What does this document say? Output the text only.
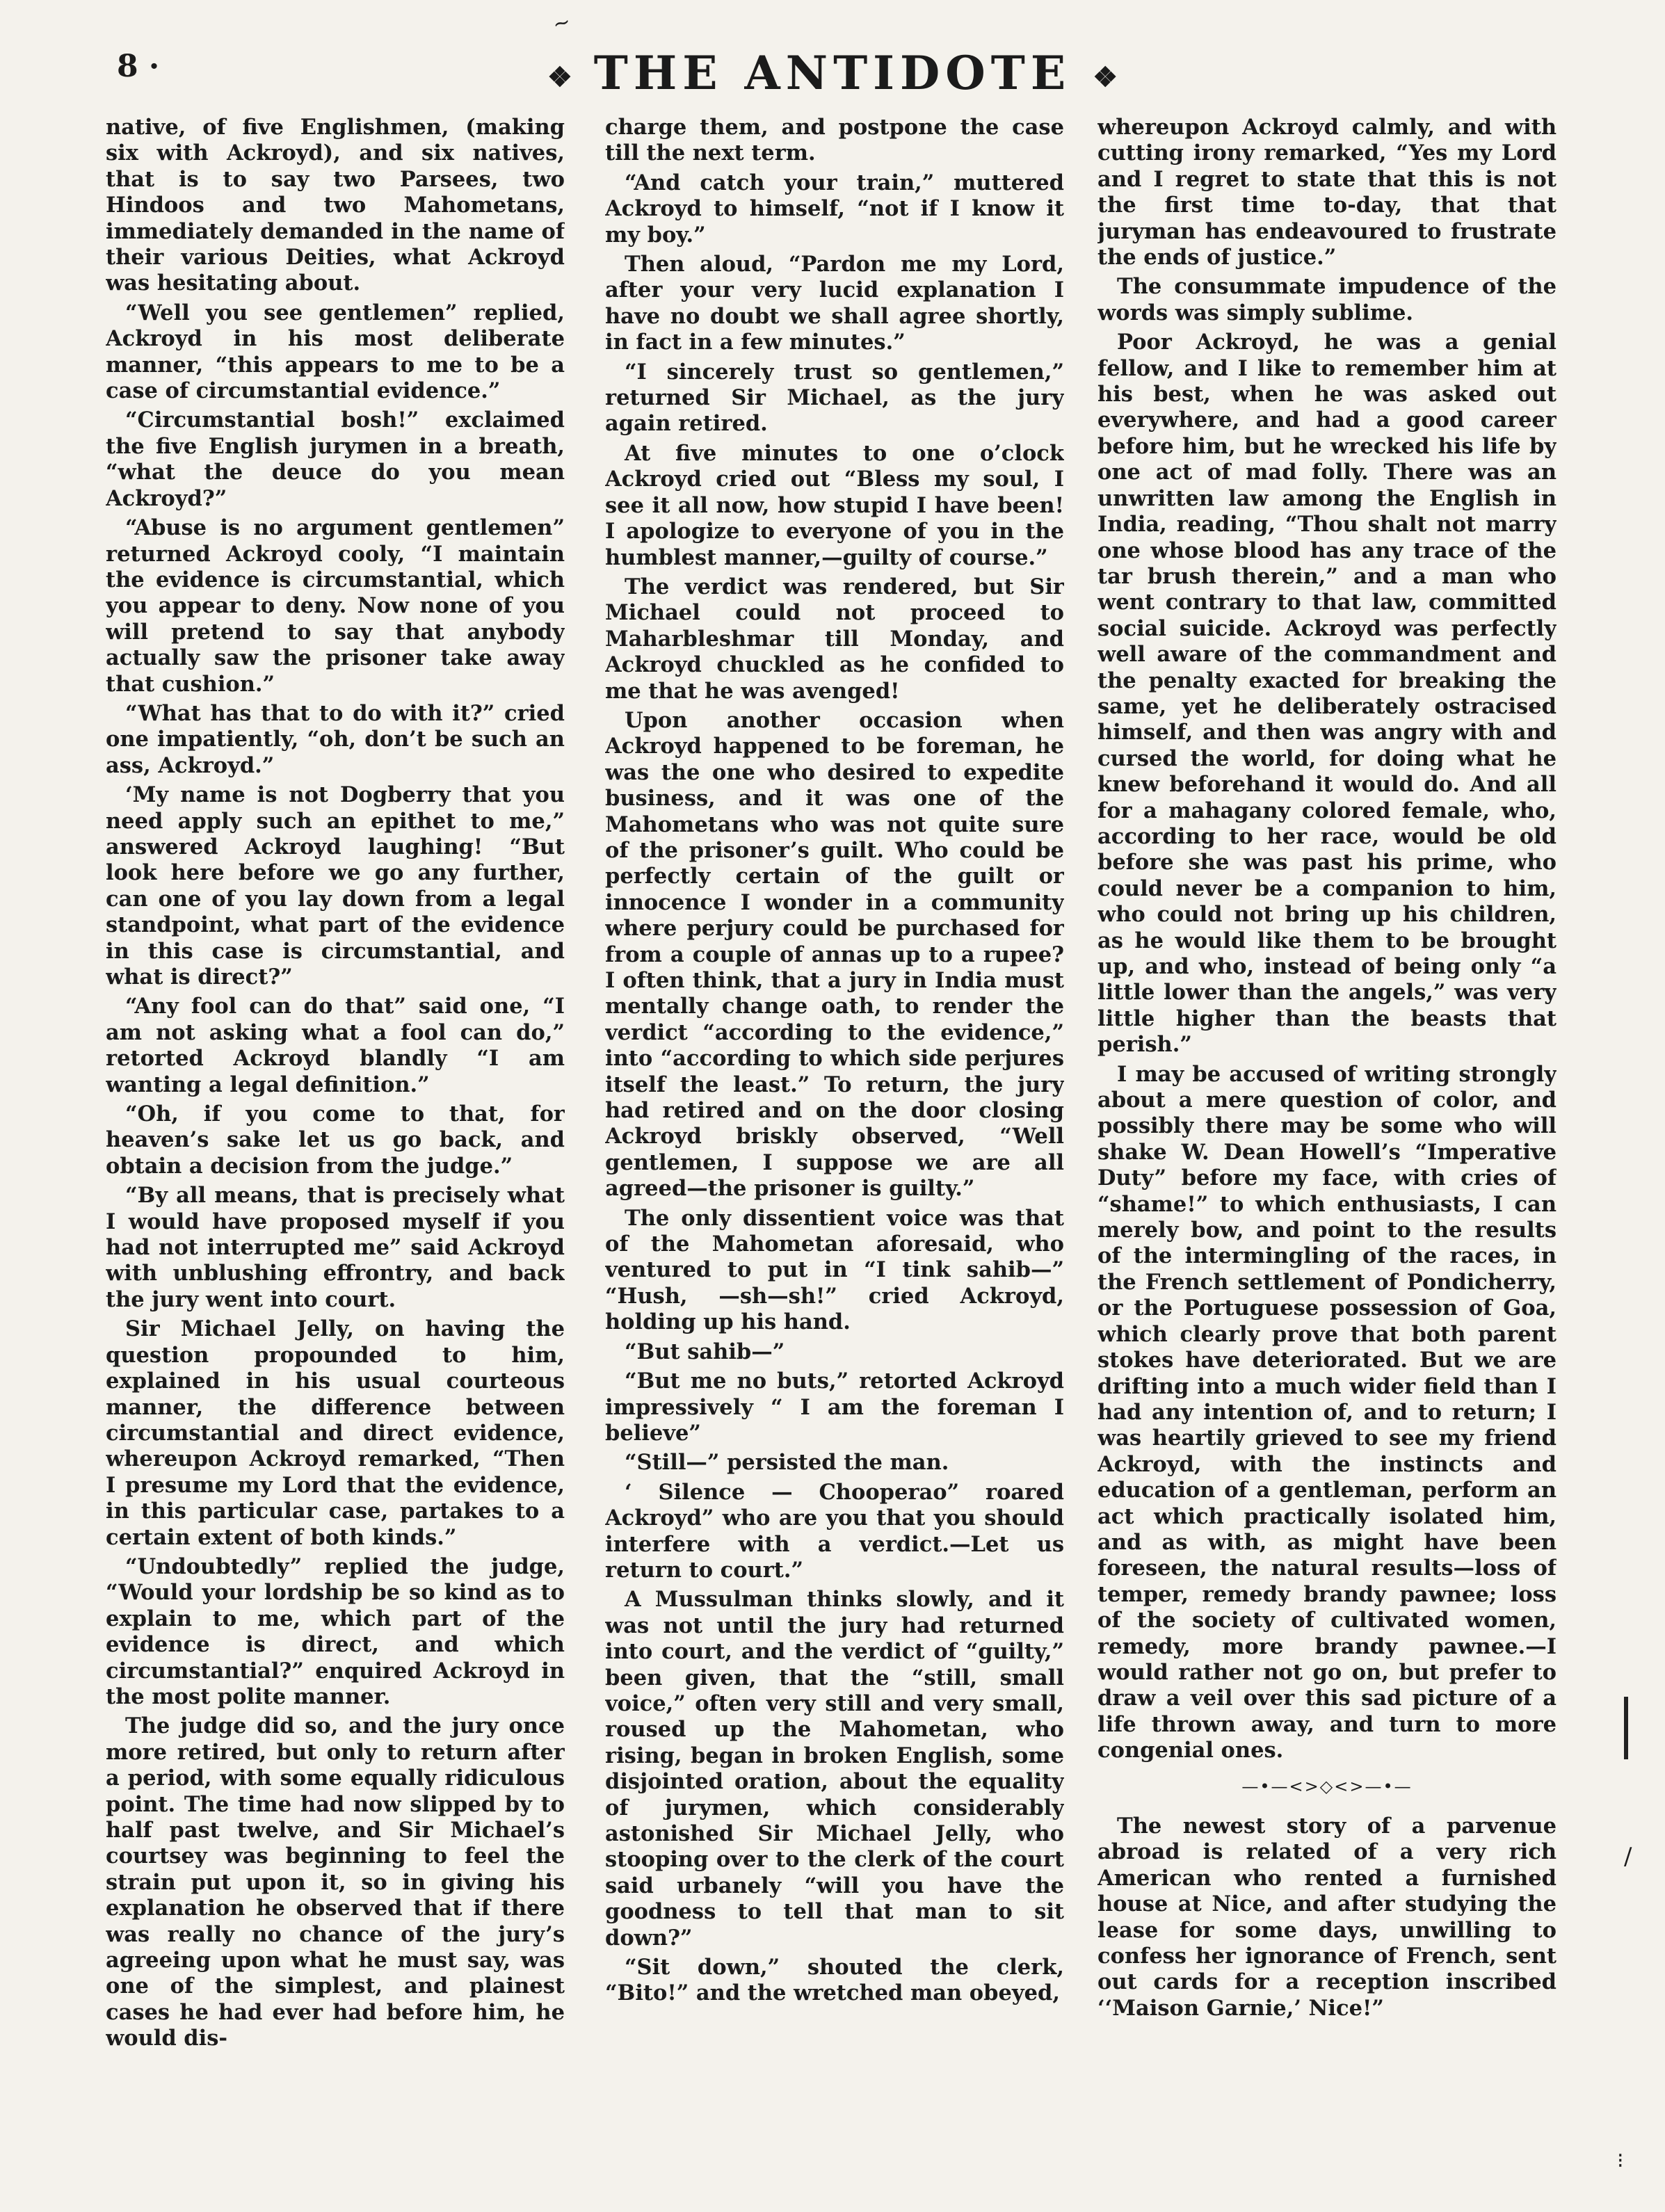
~
8 ·	❖ THE ANTIDOTE ❖

native, of five Englishmen, (making six with Ackroyd), and six natives, that is to say two Parsees, two Hindoos and two Mahometans, immediately demanded in the name of their various Deities, what Ackroyd was hesitating about.

“Well you see gentlemen” replied, Ackroyd in his most deliberate manner, “this appears to me to be a case of circumstantial evidence.”

“Circumstantial bosh!” exclaimed the five English jurymen in a breath, “what the deuce do you mean Ackroyd?”

“Abuse is no argument gentlemen” returned Ackroyd cooly, “I maintain the evidence is circumstantial, which you appear to deny. Now none of you will pretend to say that anybody actually saw the prisoner take away that cushion.”

“What has that to do with it?” cried one impatiently, “oh, don’t be such an ass, Ackroyd.”

‘My name is not Dogberry that you need apply such an epithet to me,” answered Ackroyd laughing! “But look here before we go any further, can one of you lay down from a legal standpoint, what part of the evidence in this case is circumstantial, and what is direct?”

“Any fool can do that” said one, “I am not asking what a fool can do,” retorted Ackroyd blandly “I am wanting a legal definition.”

“Oh, if you come to that, for heaven’s sake let us go back, and obtain a decision from the judge.”

“By all means, that is precisely what I would have proposed myself if you had not interrupted me” said Ackroyd with unblushing effrontry, and back the jury went into court.

Sir Michael Jelly, on having the question propounded to him, explained in his usual courteous manner, the difference between circumstantial and direct evidence, whereupon Ackroyd remarked, “Then I presume my Lord that the evidence, in this particular case, partakes to a certain extent of both kinds.”

“Undoubtedly” replied the judge, “Would your lordship be so kind as to explain to me, which part of the evidence is direct, and which circumstantial?” enquired Ackroyd in the most polite manner.

The judge did so, and the jury once more retired, but only to return after a period, with some equally ridiculous point. The time had now slipped by to half past twelve, and Sir Michael’s courtsey was beginning to feel the strain put upon it, so in giving his explanation he observed that if there was really no chance of the jury’s agreeing upon what he must say, was one of the simplest, and plainest cases he had ever had before him, he would dis-

charge them, and postpone the case till the next term.

“And catch your train,” muttered Ackroyd to himself, “not if I know it my boy.”

Then aloud, “Pardon me my Lord, after your very lucid explanation I have no doubt we shall agree shortly, in fact in a few minutes.”

“I sincerely trust so gentlemen,” returned Sir Michael, as the jury again retired.

At five minutes to one o’clock Ackroyd cried out “Bless my soul, I see it all now, how stupid I have been! I apologize to everyone of you in the humblest manner,—guilty of course.”

The verdict was rendered, but Sir Michael could not proceed to Maharbleshmar till Monday, and Ackroyd chuckled as he confided to me that he was avenged!

Upon another occasion when Ackroyd happened to be foreman, he was the one who desired to expedite business, and it was one of the Mahometans who was not quite sure of the prisoner’s guilt. Who could be perfectly certain of the guilt or innocence I wonder in a community where perjury could be purchased for from a couple of annas up to a rupee? I often think, that a jury in India must mentally change oath, to render the verdict “according to the evidence,” into “according to which side perjures itself the least.” To return, the jury had retired and on the door closing Ackroyd briskly observed, “Well gentlemen, I suppose we are all agreed—the prisoner is guilty.”

The only dissentient voice was that of the Mahometan aforesaid, who ventured to put in “I tink sahib—” “Hush, —sh—sh!” cried Ackroyd, holding up his hand.

“But sahib—”

“But me no buts,” retorted Ackroyd impressively “ I am the foreman I believe”

“Still—” persisted the man.

‘ Silence — Chooperao” roared Ackroyd” who are you that you should interfere with a verdict.—Let us return to court.”

A Mussulman thinks slowly, and it was not until the jury had returned into court, and the verdict of “guilty,” been given, that the “still, small voice,” often very still and very small, roused up the Mahometan, who rising, began in broken English, some disjointed oration, about the equality of jurymen, which considerably astonished Sir Michael Jelly, who stooping over to the clerk of the court said urbanely “will you have the goodness to tell that man to sit down?”

“Sit down,” shouted the clerk, “Bito!” and the wretched man obeyed,

whereupon Ackroyd calmly, and with cutting irony remarked, “Yes my Lord and I regret to state that this is not the first time to-day, that that juryman has endeavoured to frustrate the ends of justice.”

The consummate impudence of the words was simply sublime.

Poor Ackroyd, he was a genial fellow, and I like to remember him at his best, when he was asked out everywhere, and had a good career before him, but he wrecked his life by one act of mad folly. There was an unwritten law among the English in India, reading, “Thou shalt not marry one whose blood has any trace of the tar brush therein,” and a man who went contrary to that law, committed social suicide. Ackroyd was perfectly well aware of the commandment and the penalty exacted for breaking the same, yet he deliberately ostracised himself, and then was angry with and cursed the world, for doing what he knew beforehand it would do. And all for a mahagany colored female, who, according to her race, would be old before she was past his prime, who could never be a companion to him, who could not bring up his children, as he would like them to be brought up, and who, instead of being only “a little lower than the angels,” was very little higher than the beasts that perish.”

I may be accused of writing strongly about a mere question of color, and possibly there may be some who will shake W. Dean Howell’s “Imperative Duty” before my face, with cries of “shame!” to which enthusiasts, I can merely bow, and point to the results of the intermingling of the races, in the French settlement of Pondicherry, or the Portuguese possession of Goa, which clearly prove that both parent stokes have deteriorated. But we are drifting into a much wider field than I had any intention of, and to return; I was heartily grieved to see my friend Ackroyd, with the instincts and education of a gentleman, perform an act which practically isolated him, and as with, as might have been foreseen, the natural results—loss of temper, remedy brandy pawnee; loss of the society of cultivated women, remedy, more brandy pawnee.—I would rather not go on, but prefer to draw a veil over this sad picture of a life thrown away, and turn to more congenial ones.

—•—<>◇<>—•—

The newest story of a parvenue abroad is related of a very rich American who rented a furnished house at Nice, and after studying the lease for some days, unwilling to confess her ignorance of French, sent out cards for a reception inscribed ‘‘Maison Garnie,’ Nice!”

/
⁝
